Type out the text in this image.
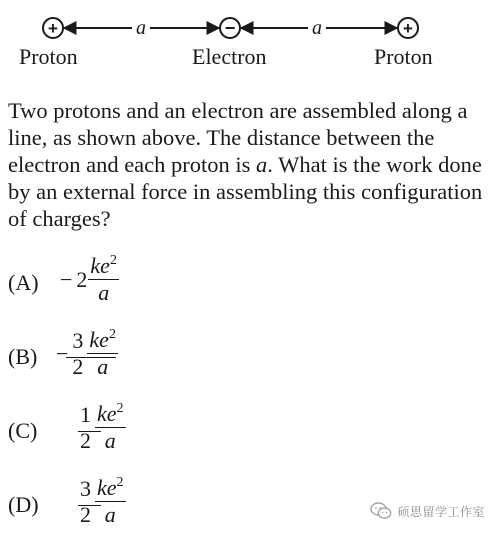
+	a	−	a	+
Proton	Electron	Proton

Two protons and an electron are assembled along a line, as shown above. The distance between the electron and each proton is a. What is the work done by an external force in assembling this configuration of charges?

$(A) - 2 \frac{ke^2}{a}$
(B) −
3
$2 \frac{ke^2}{a}$
(C)
1
$2 \frac{ke^2}{a}$
(D)
3
$2 \frac{ke^2}{a}$	硕思留学工作室
